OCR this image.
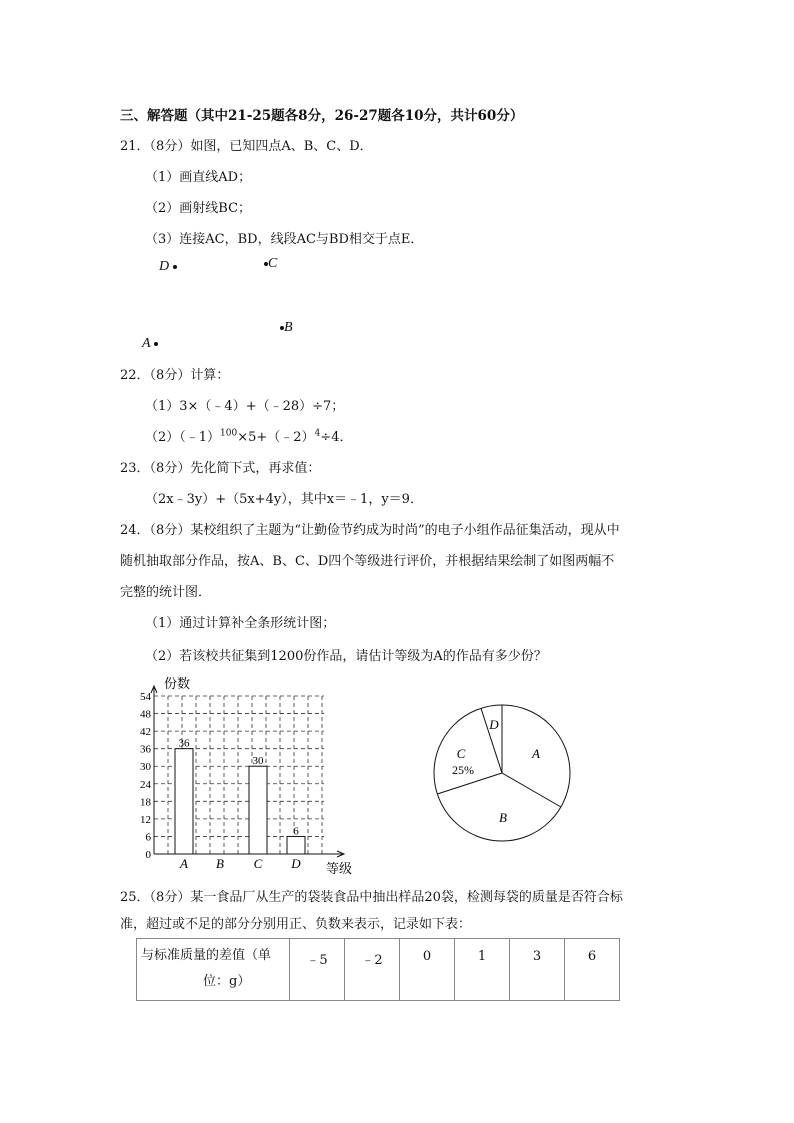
三、解答题（其中21-25题各8分，26-27题各10分，共计60分）
21．（8分）如图，已知四点A、B、C、D．
（1）画直线AD；
（2）画射线BC；
（3）连接AC，BD，线段AC与BD相交于点E．
D	C
B
A
22．（8分）计算：
（1）3×（﹣4）+（﹣28）÷7；
（2）（﹣1）$^{100}$×5+（﹣2）$^4$÷4．
23．（8分）先化简下式，再求值：
（2x﹣3y）+（5x+4y），其中x＝﹣1，y＝9．
24．（8分）某校组织了主题为“让勤俭节约成为时尚”的电子小组作品征集活动，现从中
随机抽取部分作品，按A、B、C、D四个等级进行评价，并根据结果绘制了如图两幅不
完整的统计图．
（1）通过计算补全条形统计图；
（2）若该校共征集到1200份作品，请估计等级为A的作品有多少份？
0
6
12
18
24
30
36
42
48
54
份数
等级
A
36
B C
30
D
6
A
B
C
D
25%
25．（8分）某一食品厂从生产的袋装食品中抽出样品20袋，检测每袋的质量是否符合标
准，超过或不足的部分分别用正、负数来表示，记录如下表：
与标准质量的差值（单
位：g）	﹣5	﹣2	0	1	3	6
